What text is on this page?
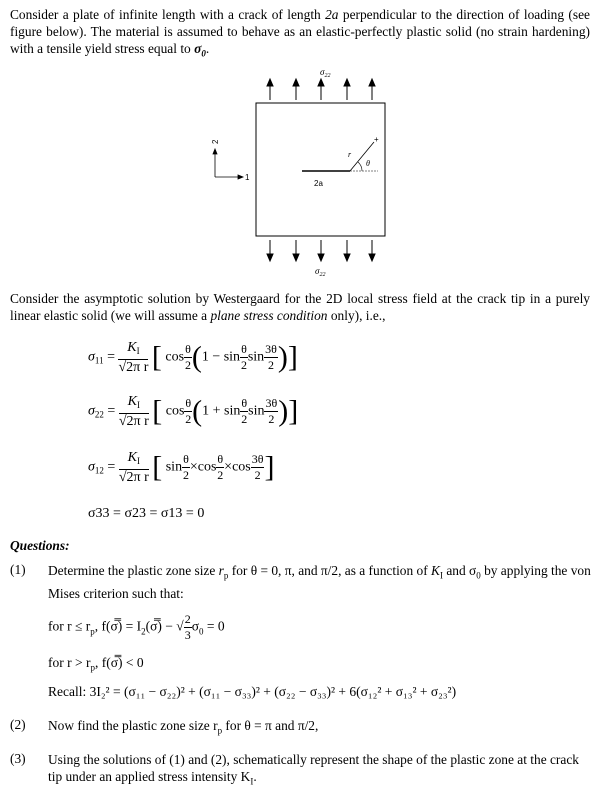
Consider a plate of infinite length with a crack of length 2a perpendicular to the direction of loading (see figure below). The material is assumed to behave as an elastic-perfectly plastic solid (no strain hardening) with a tensile yield stress equal to $\sigma_0$.
$\sigma_{22}$
2a
r
θ
+
2
1
$\sigma_{22}$
Consider the asymptotic solution by Westergaard for the 2D local stress field at the crack tip in a purely linear elastic solid (we will assume a plane stress condition only), i.e.,
$\sigma_{11} = \frac{K_I}{\text{√2π r}}$ [ $\cos \frac{\theta}{2} (1 - \sin \frac{\theta}{2}$ $\sin \frac{3\theta}{2}$ )]
$\sigma_{22} = \frac{K_I}{\text{√2π r}}$ [ $\cos \frac{\theta}{2} (1 + \sin \frac{\theta}{2}$ $\sin \frac{3\theta}{2}$ )]
$\sigma_{12} = \frac{K_I}{\text{√2π r}}$ [ $\sin \frac{\theta}{2} \times\cos \frac{\theta}{2} \times\cos \frac{3\theta}{2}$ ]
σ33 = σ23 = σ13 = 0
Questions:
(1) Determine the plastic zone size $r_p$ for θ = 0, π, and π/2, as a function of $K_I$ and $\sigma_0$ by applying the von Mises criterion such that:
for $r \le r_p$, f(σ̿) = $I_2(\sigma̿)$ − √ $\frac{2}{3} \sigma_0 = 0$
for $r > r_p$, f(σ̿) < 0
Recall: 3I₂² = (σ₁₁ − σ₂₂)² + (σ₁₁ − σ₃₃)² + (σ₂₂ − σ₃₃)² + 6(σ₁₂² + σ₁₃² + σ₂₃²)
(2) Now find the plastic zone size $r_p$ for θ = π and π/2,
(3) Using the solutions of (1) and (2), schematically represent the shape of the plastic zone at the crack tip under an applied stress intensity $K_I$.
